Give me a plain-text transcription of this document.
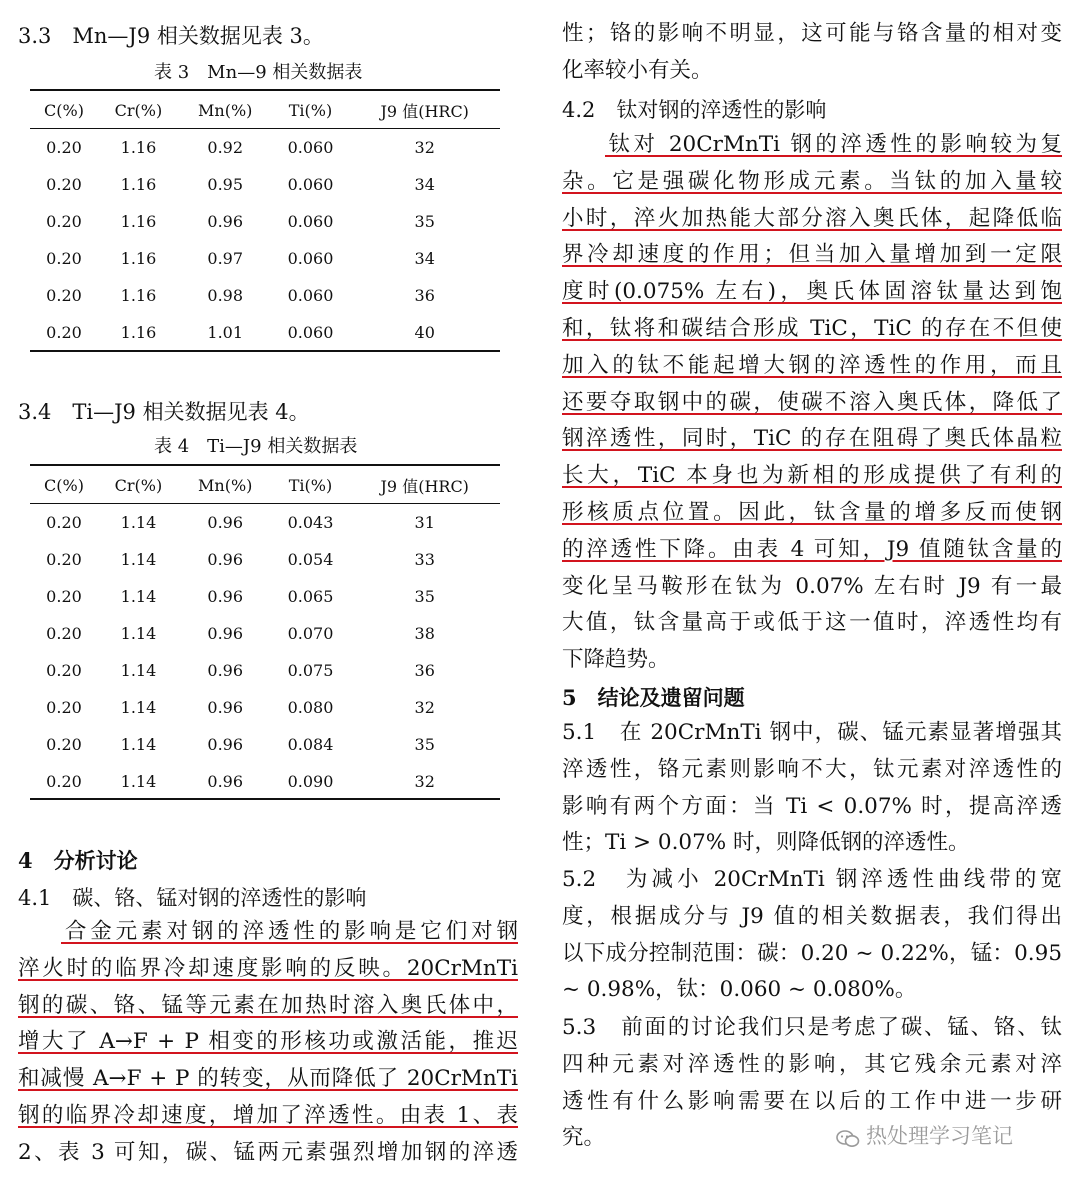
3.3　Mn—J9 相关数据见表 3。
表 3　Mn—9 相关数据表
C(%)	Cr(%)	Mn(%)	Ti(%)	J9 值(HRC)
0.20	1.16	0.92	0.060	32
0.20	1.16	0.95	0.060	34
0.20	1.16	0.96	0.060	35
0.20	1.16	0.97	0.060	34
0.20	1.16	0.98	0.060	36
0.20	1.16	1.01	0.060	40
3.4　Ti—J9 相关数据见表 4。
表 4　Ti—J9 相关数据表
C(%)	Cr(%)	Mn(%)	Ti(%)	J9 值(HRC)
0.20	1.14	0.96	0.043	31
0.20	1.14	0.96	0.054	33
0.20	1.14	0.96	0.065	35
0.20	1.14	0.96	0.070	38
0.20	1.14	0.96	0.075	36
0.20	1.14	0.96	0.080	32
0.20	1.14	0.96	0.084	35
0.20	1.14	0.96	0.090	32
4　分析讨论
4.1　碳、铬、锰对钢的淬透性的影响
合金元素对钢的淬透性的影响是它们对钢
淬火时的临界冷却速度影响的反映。20CrMnTi
钢的碳、铬、锰等元素在加热时溶入奥氏体中，
增大了 A→F + P 相变的形核功或激活能，推迟
和减慢 A→F + P 的转变，从而降低了 20CrMnTi
钢的临界冷却速度，增加了淬透性。由表 1、表
2、表 3 可知，碳、锰两元素强烈增加钢的淬透
性；铬的影响不明显，这可能与铬含量的相对变
化率较小有关。
4.2　钛对钢的淬透性的影响
钛对 20CrMnTi 钢的淬透性的影响较为复
杂。它是强碳化物形成元素。当钛的加入量较
小时，淬火加热能大部分溶入奥氏体，起降低临
界冷却速度的作用；但当加入量增加到一定限
度时(0.075% 左右)，奥氏体固溶钛量达到饱
和，钛将和碳结合形成 TiC，TiC 的存在不但使
加入的钛不能起增大钢的淬透性的作用，而且
还要夺取钢中的碳，使碳不溶入奥氏体，降低了
钢淬透性，同时，TiC 的存在阻碍了奥氏体晶粒
长大，TiC 本身也为新相的形成提供了有利的
形核质点位置。因此，钛含量的增多反而使钢
的淬透性下降。由表 4 可知，J9 值随钛含量的
变化呈马鞍形在钛为 0.07% 左右时 J9 有一最
大值，钛含量高于或低于这一值时，淬透性均有
下降趋势。
5　结论及遗留问题
5.1　在 20CrMnTi 钢中，碳、锰元素显著增强其
淬透性，铬元素则影响不大，钛元素对淬透性的
影响有两个方面：当 Ti < 0.07% 时，提高淬透
性；Ti > 0.07% 时，则降低钢的淬透性。
5.2　为减小 20CrMnTi 钢淬透性曲线带的宽
度，根据成分与 J9 值的相关数据表，我们得出
以下成分控制范围：碳：0.20 ~ 0.22%，锰：0.95
~ 0.98%，钛：0.060 ~ 0.080%。
5.3　前面的讨论我们只是考虑了碳、锰、铬、钛
四种元素对淬透性的影响，其它残余元素对淬
透性有什么影响需要在以后的工作中进一步研
究。	热处理学习笔记
